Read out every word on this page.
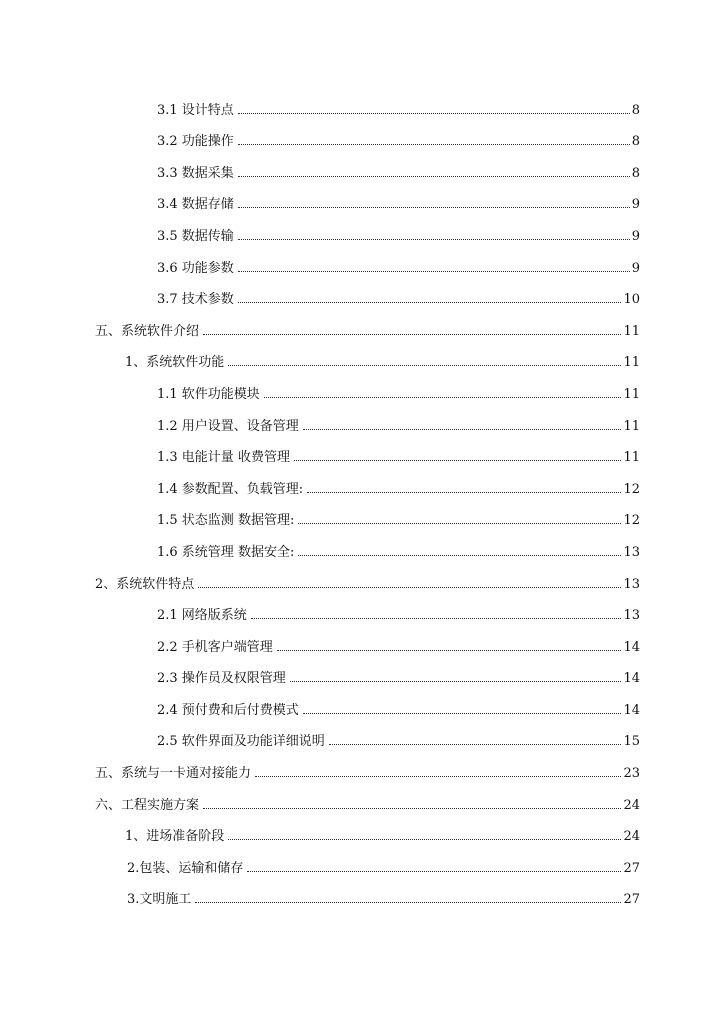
3.1 设计特点	8
3.2 功能操作	8
3.3 数据采集	8
3.4 数据存储	9
3.5 数据传输	9
3.6 功能参数	9
3.7 技术参数	10
五、系统软件介绍	11
1、系统软件功能	11
1.1 软件功能模块	11
1.2 用户设置、设备管理	11
1.3 电能计量 收费管理	11
1.4 参数配置、负载管理:	12
1.5 状态监测 数据管理:	12
1.6 系统管理 数据安全:	13
2、系统软件特点	13
2.1 网络版系统	13
2.2 手机客户端管理	14
2.3 操作员及权限管理	14
2.4 预付费和后付费模式	14
2.5 软件界面及功能详细说明	15
五、系统与一卡通对接能力	23
六、工程实施方案	24
1、进场准备阶段	24
2.包装、运输和储存	27
3.文明施工	27
